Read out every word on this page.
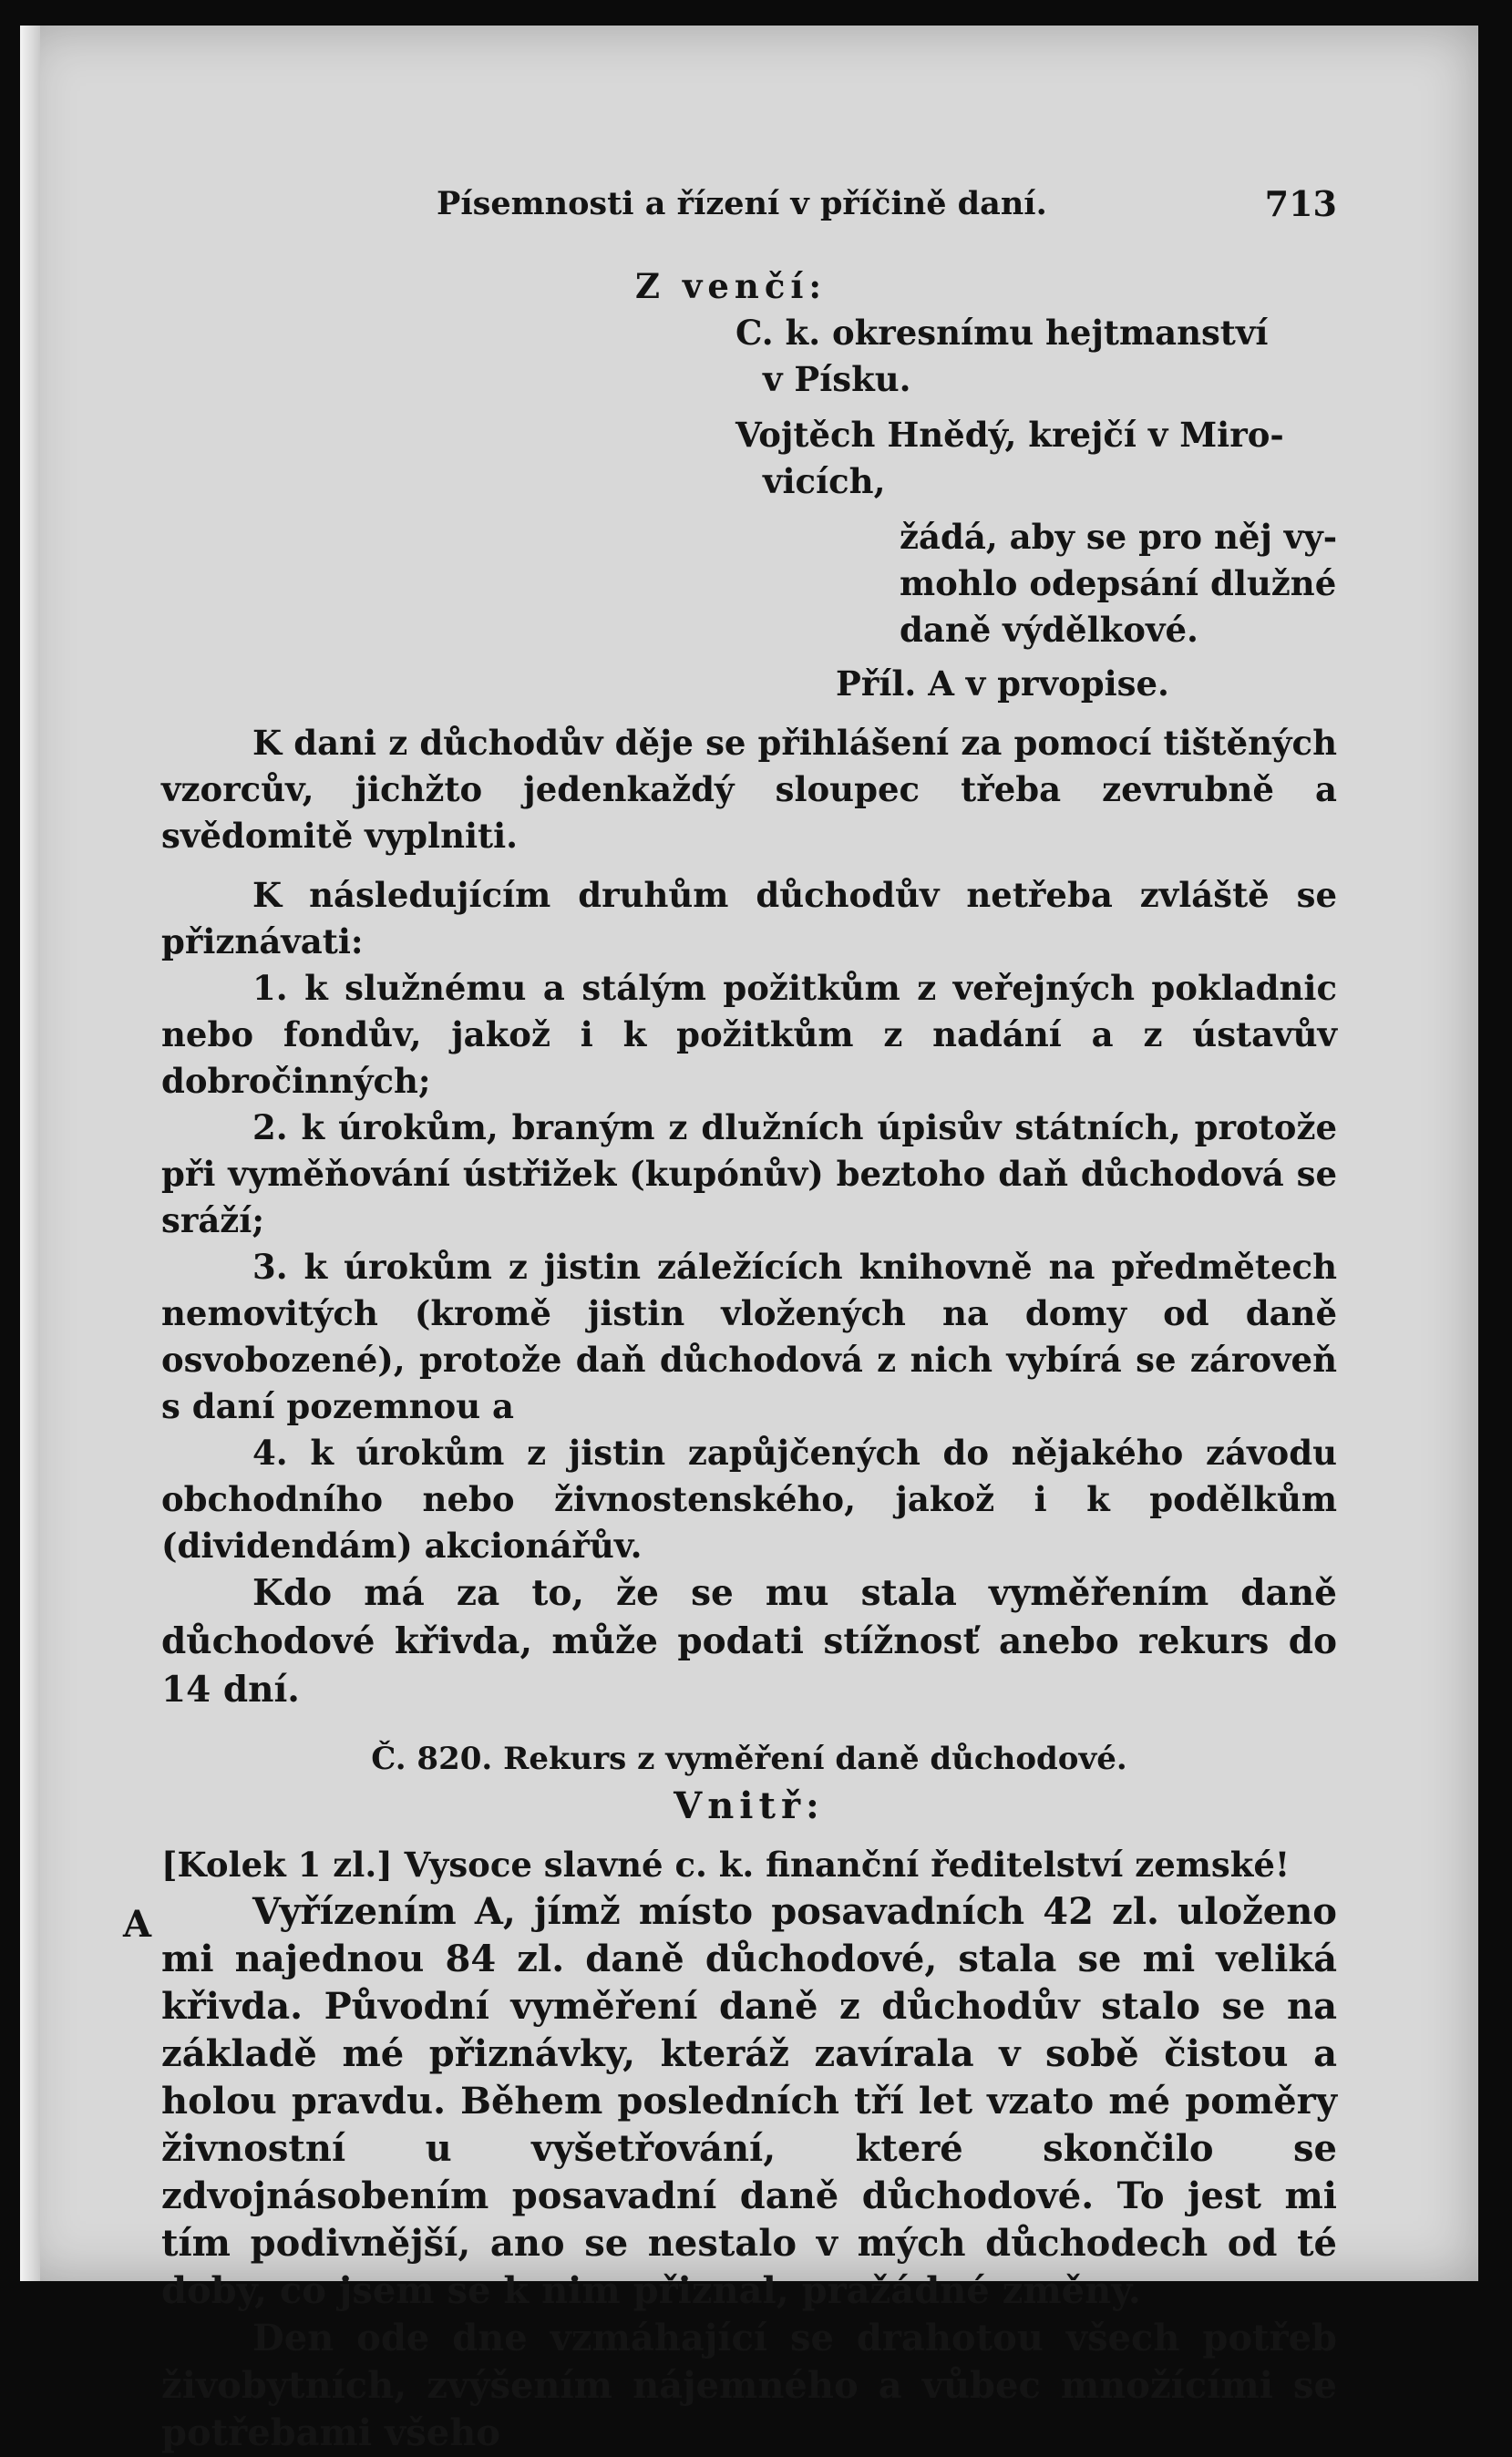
Písemnosti a řízení v příčině daní.	713

Z venčí:

C. k. okresnímu hejtmanství

v Písku.

Vojtěch Hnědý, krejčí v Miro-

vicích,

žádá, aby se pro něj vy-

mohlo odepsání dlužné

daně výdělkové.

Příl. A v prvopise.

K dani z důchodův děje se přihlášení za pomocí tištěných vzorcův, jichžto jedenkaždý sloupec třeba zevrubně a svědomitě vyplniti.

K následujícím druhům důchodův netřeba zvláště se přiznávati:

1. k služnému a stálým požitkům z veřejných pokladnic nebo fondův, jakož i k požitkům z nadání a z ústavův dobročinných;

2. k úrokům, braným z dlužních úpisův státních, protože při vyměňování ústřižek (kupónův) beztoho daň důchodová se sráží;

3. k úrokům z jistin záležících knihovně na předmětech nemovitých (kromě jistin vložených na domy od daně osvobozené), protože daň důchodová z nich vybírá se zároveň s daní pozemnou a

4. k úrokům z jistin zapůjčených do nějakého závodu obchodního nebo živnostenského, jakož i k podělkům (dividendám) akcionářův.

Kdo má za to, že se mu stala vyměřením daně důchodové křivda, může podati stížnosť anebo rekurs do 14 dní.

Č. 820. Rekurs z vyměření daně důchodové.

Vnitř:

[Kolek 1 zl.] Vysoce slavné c. k. finanční ředitelství zemské!

A	Vyřízením A, jímž místo posavadních 42 zl. uloženo mi najednou 84 zl. daně důchodové, stala se mi veliká křivda. Původní vyměření daně z důchodův stalo se na základě mé přiznávky, kteráž zavírala v sobě čistou a holou pravdu. Během posledních tří let vzato mé poměry živnostní u vyšetřování, které skončilo se zdvojnásobením posavadní daně důchodové. To jest mi tím podivnější, ano se nestalo v mých důchodech od té doby, co jsem se k nim přiznal, pražádné změny.

Den ode dne vzmáhající se drahotou všech potřeb živobytních, zvýšením nájemného a vůbec množícími se potřebami všeho
